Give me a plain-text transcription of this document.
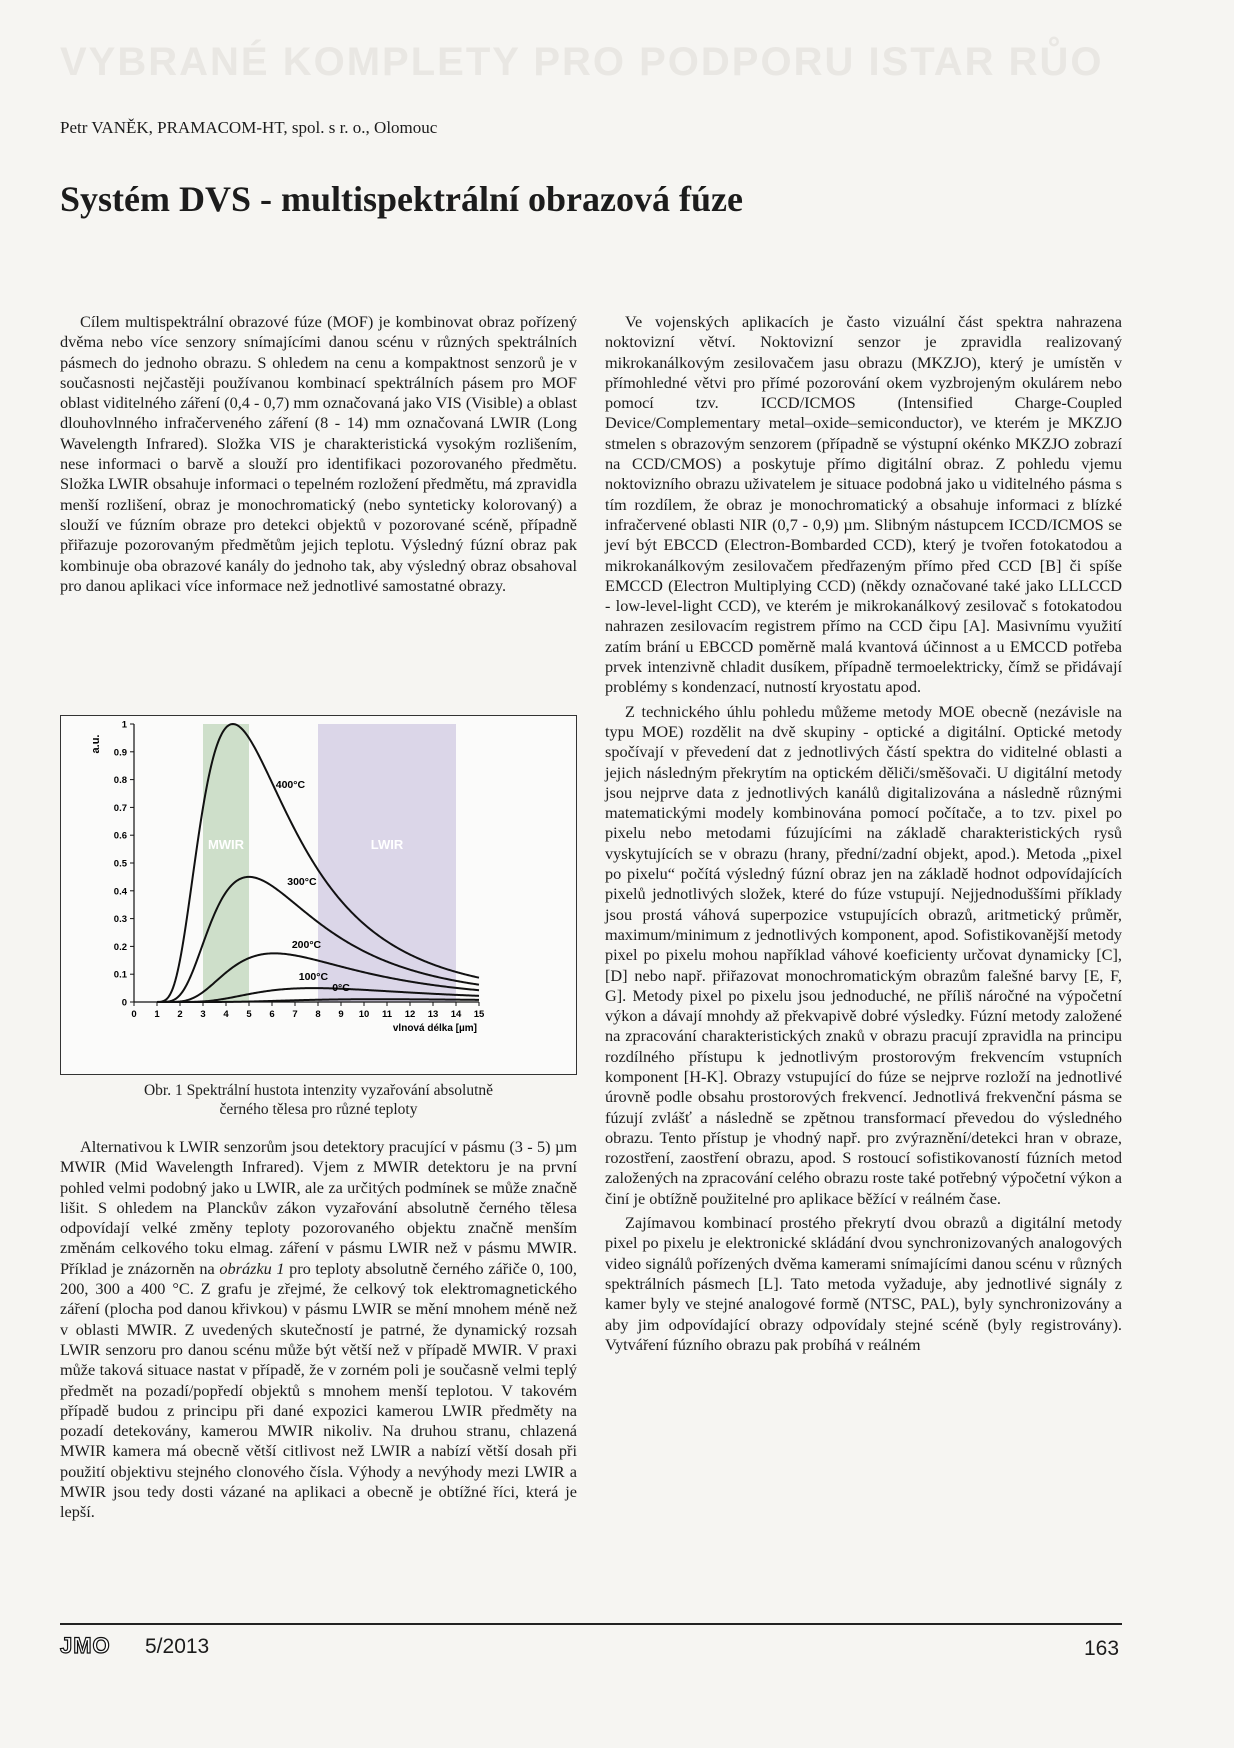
VYBRANÉ KOMPLETY PRO PODPORU ISTAR RŮO
Petr VANĚK, PRAMACOM-HT, spol. s r. o., Olomouc
Systém DVS - multispektrální obrazová fúze

Cílem multispektrální obrazové fúze (MOF) je kombinovat obraz pořízený dvěma nebo více senzory snímajícími danou scénu v různých spektrálních pásmech do jednoho obrazu. S ohledem na cenu a kompaktnost senzorů je v současnosti nejčastěji používanou kombinací spektrálních pásem pro MOF oblast viditelného záření (0,4 - 0,7) mm označovaná jako VIS (Visible) a oblast dlouhovlnného infračerveného záření (8 - 14) mm označovaná LWIR (Long Wavelength Infrared). Složka VIS je charakteristická vysokým rozlišením, nese informaci o barvě a slouží pro identifikaci pozorovaného předmětu. Složka LWIR obsahuje informaci o tepelném rozložení předmětu, má zpravidla menší rozlišení, obraz je monochromatický (nebo synteticky kolorovaný) a slouží ve fúzním obraze pro detekci objektů v pozorované scéně, případně přiřazuje pozorovaným předmětům jejich teplotu. Výsledný fúzní obraz pak kombinuje oba obrazové kanály do jednoho tak, aby výsledný obraz obsahoval pro danou aplikaci více informace než jednotlivé samostatné obrazy.

MWIR	LWIR
0
0.1
0.2
0.3
0.4
0.5
0.6
0.7
0.8
0.9
1
0 1 2 3 4 5 6 7 8 9 10 11 12 13 14 15
a.u.
vlnová délka [µm]
400°C
300°C
200°C
100°C
0°C
Obr. 1 Spektrální hustota intenzity vyzařování absolutně
černého tělesa pro různé teploty

Alternativou k LWIR senzorům jsou detektory pracující v pásmu (3 - 5) µm MWIR (Mid Wavelength Infrared). Vjem z MWIR detektoru je na první pohled velmi podobný jako u LWIR, ale za určitých podmínek se může značně lišit. S ohledem na Planckův zákon vyzařování absolutně černého tělesa odpovídají velké změny teploty pozorovaného objektu značně menším změnám celkového toku elmag. záření v pásmu LWIR než v pásmu MWIR. Příklad je znázorněn na obrázku 1 pro teploty absolutně černého zářiče 0, 100, 200, 300 a 400 °C. Z grafu je zřejmé, že celkový tok elektromagnetického záření (plocha pod danou křivkou) v pásmu LWIR se mění mnohem méně než v oblasti MWIR. Z uvedených skutečností je patrné, že dynamický rozsah LWIR senzoru pro danou scénu může být větší než v případě MWIR. V praxi může taková situace nastat v případě, že v zorném poli je současně velmi teplý předmět na pozadí/popředí objektů s mnohem menší teplotou. V takovém případě budou z principu při dané expozici kamerou LWIR předměty na pozadí detekovány, kamerou MWIR nikoliv. Na druhou stranu, chlazená MWIR kamera má obecně větší citlivost než LWIR a nabízí větší dosah při použití objektivu stejného clonového čísla. Výhody a nevýhody mezi LWIR a MWIR jsou tedy dosti vázané na aplikaci a obecně je obtížné říci, která je lepší.

Ve vojenských aplikacích je často vizuální část spektra nahrazena noktovizní větví. Noktovizní senzor je zpravidla realizovaný mikrokanálkovým zesilovačem jasu obrazu (MKZJO), který je umístěn v přímohledné větvi pro přímé pozorování okem vyzbrojeným okulárem nebo pomocí tzv. ICCD/ICMOS (Intensified Charge-Coupled Device/Complementary metal–oxide–semiconductor), ve kterém je MKZJO stmelen s obrazovým senzorem (případně se výstupní okénko MKZJO zobrazí na CCD/CMOS) a poskytuje přímo digitální obraz. Z pohledu vjemu noktovizního obrazu uživatelem je situace podobná jako u viditelného pásma s tím rozdílem, že obraz je monochromatický a obsahuje informaci z blízké infračervené oblasti NIR (0,7 - 0,9) µm. Slibným nástupcem ICCD/ICMOS se jeví být EBCCD (Electron-Bombarded CCD), který je tvořen fotokatodou a mikrokanálkovým zesilovačem předřazeným přímo před CCD [B] či spíše EMCCD (Electron Multiplying CCD) (někdy označované také jako LLLCCD - low-level-light CCD), ve kterém je mikrokanálkový zesilovač s fotokatodou nahrazen zesilovacím registrem přímo na CCD čipu [A]. Masivnímu využití zatím brání u EBCCD poměrně malá kvantová účinnost a u EMCCD potřeba prvek intenzivně chladit dusíkem, případně termoelektricky, čímž se přidávají problémy s kondenzací, nutností kryostatu apod.

Z technického úhlu pohledu můžeme metody MOE obecně (nezávisle na typu MOE) rozdělit na dvě skupiny - optické a digitální. Optické metody spočívají v převedení dat z jednotlivých částí spektra do viditelné oblasti a jejich následným překrytím na optickém děliči/směšovači. U digitální metody jsou nejprve data z jednotlivých kanálů digitalizována a následně různými matematickými modely kombinována pomocí počítače, a to tzv. pixel po pixelu nebo metodami fúzujícími na základě charakteristických rysů vyskytujících se v obrazu (hrany, přední/zadní objekt, apod.). Metoda „pixel po pixelu“ počítá výsledný fúzní obraz jen na základě hodnot odpovídajících pixelů jednotlivých složek, které do fúze vstupují. Nejjednoduššími příklady jsou prostá váhová superpozice vstupujících obrazů, aritmetický průměr, maximum/minimum z jednotlivých komponent, apod. Sofistikovanější metody pixel po pixelu mohou například váhové koeficienty určovat dynamicky [C], [D] nebo např. přiřazovat monochromatickým obrazům falešné barvy [E, F, G]. Metody pixel po pixelu jsou jednoduché, ne příliš náročné na výpočetní výkon a dávají mnohdy až překvapivě dobré výsledky. Fúzní metody založené na zpracování charakteristických znaků v obrazu pracují zpravidla na principu rozdílného přístupu k jednotlivým prostorovým frekvencím vstupních komponent [H-K]. Obrazy vstupující do fúze se nejprve rozloží na jednotlivé úrovně podle obsahu prostorových frekvencí. Jednotlivá frekvenční pásma se fúzují zvlášť a následně se zpětnou transformací převedou do výsledného obrazu. Tento přístup je vhodný např. pro zvýraznění/detekci hran v obraze, rozostření, zaostření obrazu, apod. S rostoucí sofistikovaností fúzních metod založených na zpracování celého obrazu roste také potřebný výpočetní výkon a činí je obtížně použitelné pro aplikace běžící v reálném čase.

Zajímavou kombinací prostého překrytí dvou obrazů a digitální metody pixel po pixelu je elektronické skládání dvou synchronizovaných analogových video signálů pořízených dvěma kamerami snímajícími danou scénu v různých spektrálních pásmech [L]. Tato metoda vyžaduje, aby jednotlivé signály z kamer byly ve stejné analogové formě (NTSC, PAL), byly synchronizovány a aby jim odpovídající obrazy odpovídaly stejné scéně (byly registrovány). Vytváření fúzního obrazu pak probíhá v reálném

JMO 5/2013	163
